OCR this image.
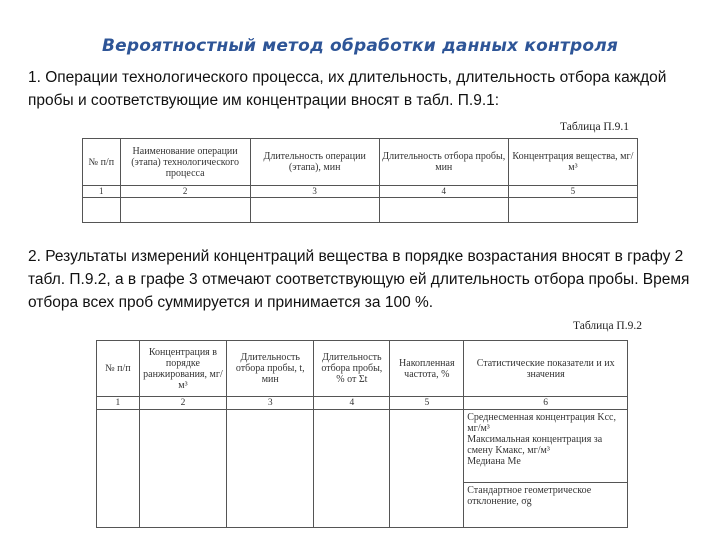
Вероятностный метод обработки данных контроля
1. Операции технологического процесса, их длительность, длительность отбора каждой пробы и соответствующие им концентрации вносят в табл. П.9.1:
Таблица П.9.1
№ п/п	Наименование операции (этапа) технологического процесса	Длительность операции (этапа), мин	Длительность отбора пробы, мин	Концентрация вещества, мг/м³
1	2	3	4	5

2. Результаты измерений концентраций вещества в порядке возрастания вносят в графу 2 табл. П.9.2, а в графе 3 отмечают соответствующую ей длительность отбора пробы. Время отбора всех проб суммируется и принимается за 100 %.
Таблица П.9.2
№ п/п	Концентрация в порядке ранжирования, мг/м³	Длительность отбора пробы, t, мин	Длительность отбора пробы, % от Σt	Накопленная частота, %	Статистические показатели и их значения
1	2	3	4	5	6

					Среднесменная концентрация Kсс, мг/м³
Максимальная концентрация за смену Kмакс, мг/м³
Медиана Me

					Стандартное геометрическое отклонение, σg
